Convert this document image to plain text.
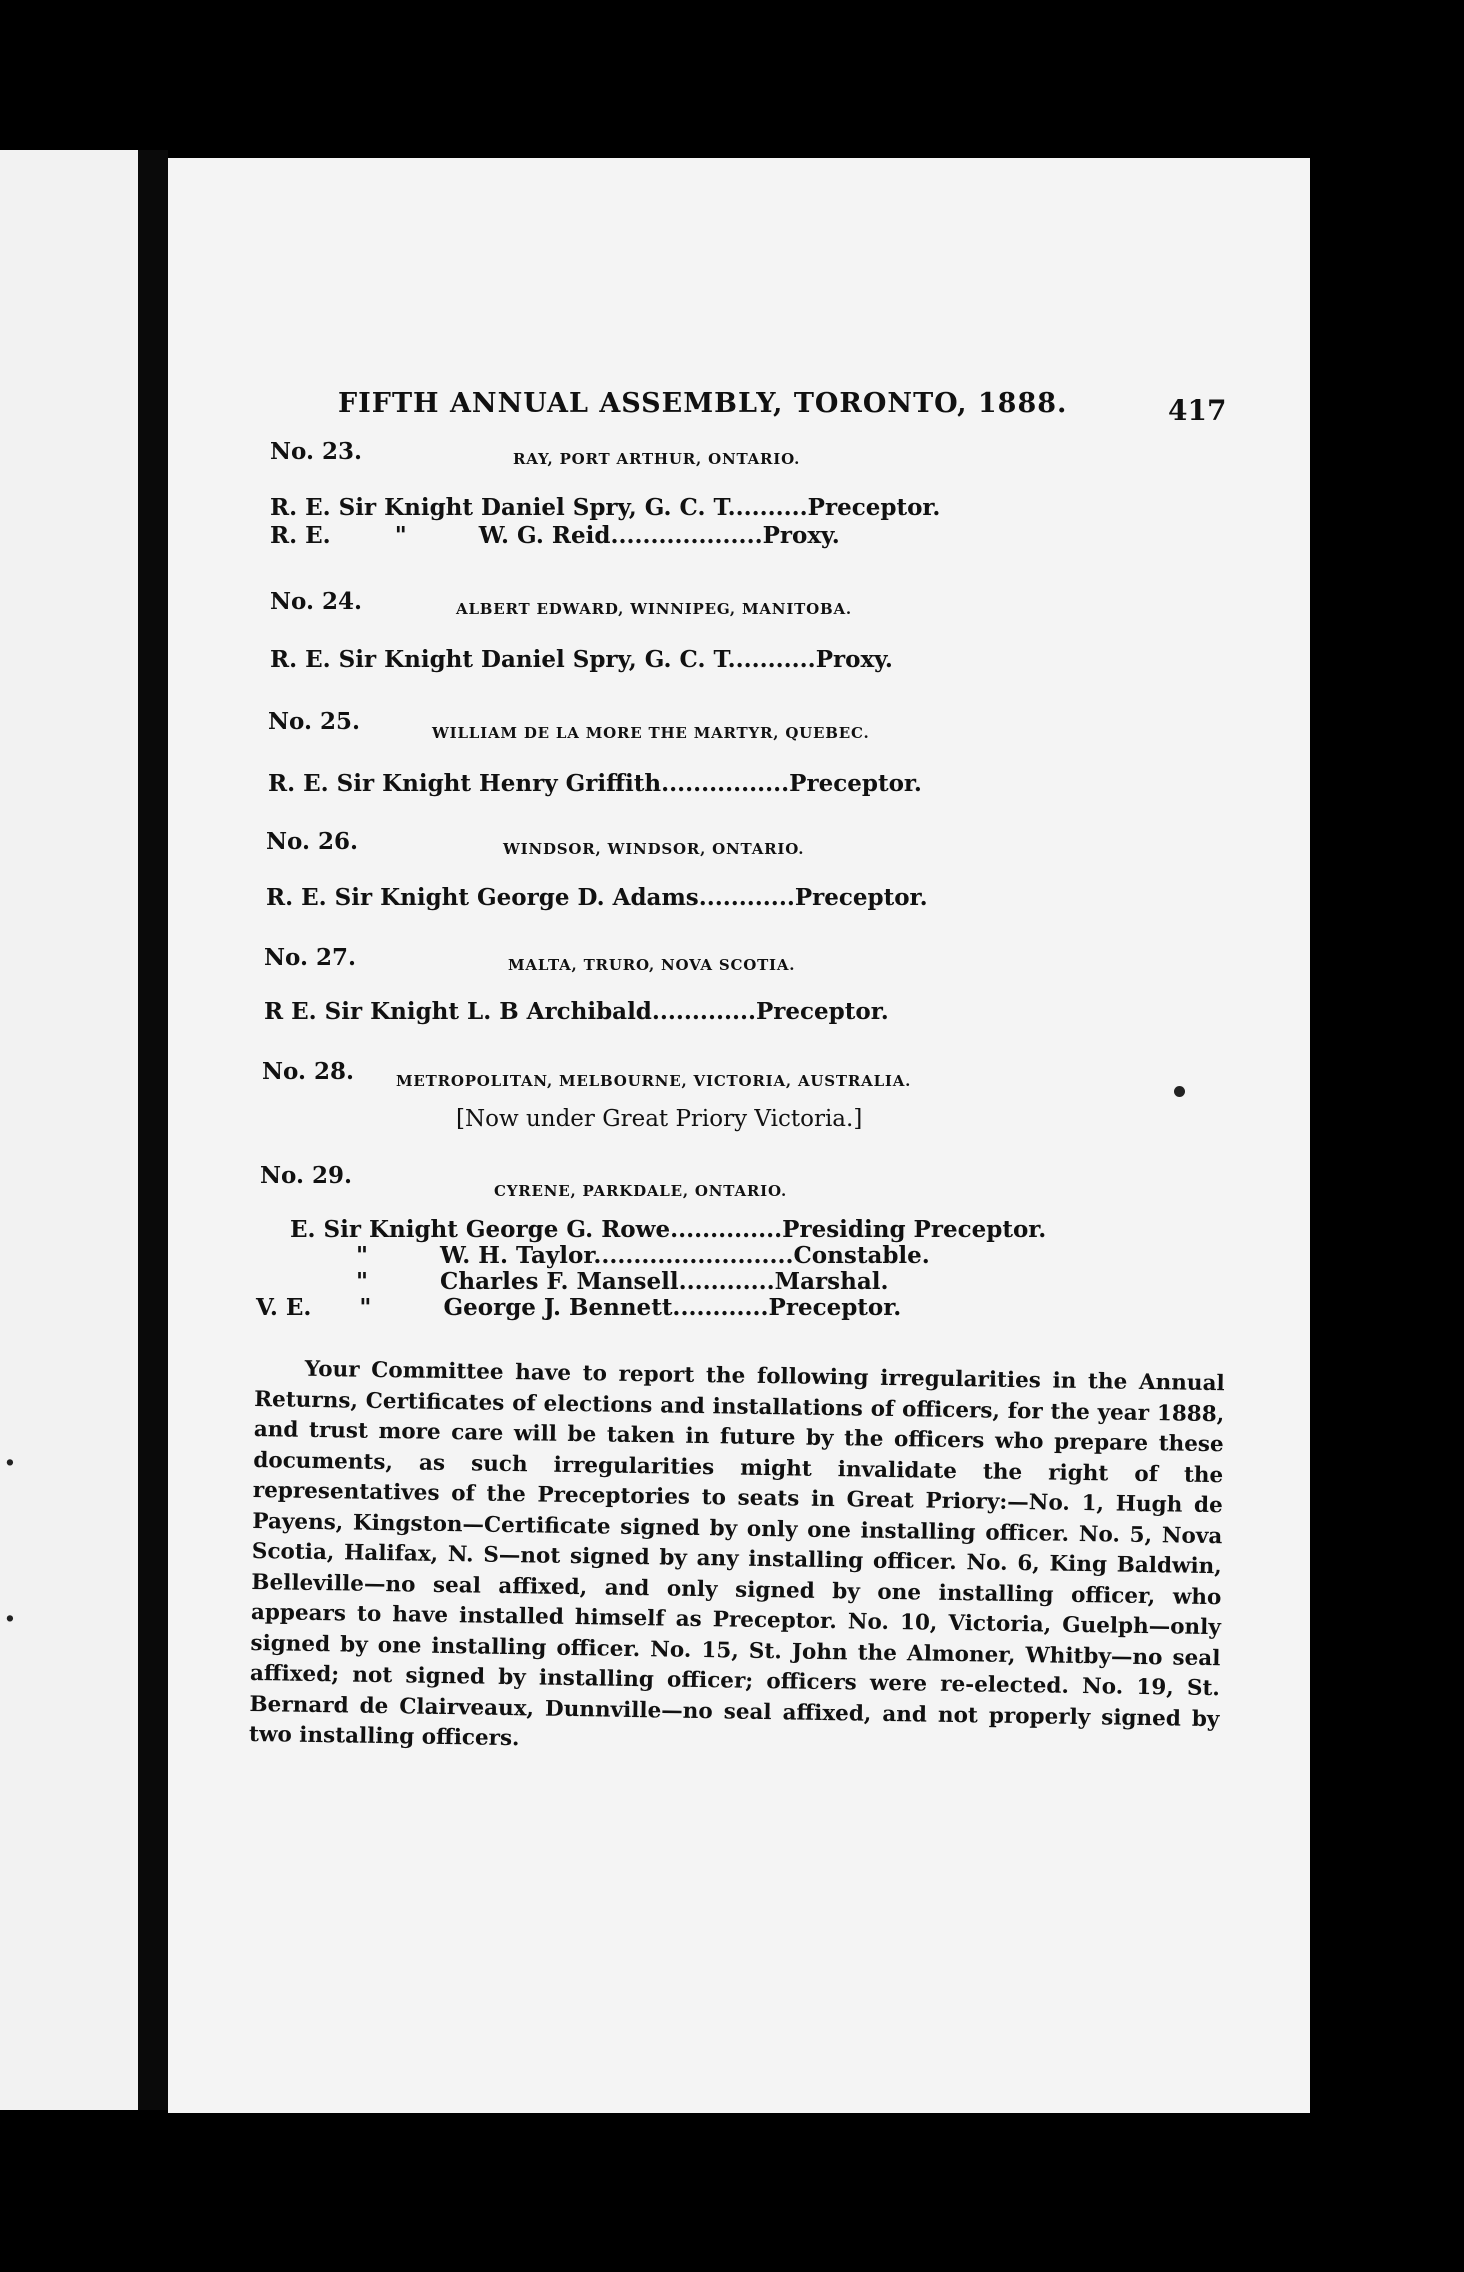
.
.
FIFTH ANNUAL ASSEMBLY, TORONTO, 1888.	417
No. 23.	RAY, PORT ARTHUR, ONTARIO.
R. E. Sir Knight Daniel Spry, G. C. T..........Preceptor.
R. E.        "         W. G. Reid...................Proxy.
No. 24.	ALBERT EDWARD, WINNIPEG, MANITOBA.
R. E. Sir Knight Daniel Spry, G. C. T...........Proxy.
No. 25.	WILLIAM DE LA MORE THE MARTYR, QUEBEC.
R. E. Sir Knight Henry Griffith................Preceptor.
No. 26.	WINDSOR, WINDSOR, ONTARIO.
R. E. Sir Knight George D. Adams............Preceptor.
No. 27.	MALTA, TRURO, NOVA SCOTIA.
R E. Sir Knight L. B Archibald.............Preceptor.
No. 28.	METROPOLITAN, MELBOURNE, VICTORIA, AUSTRALIA.
[Now under Great Priory Victoria.]
No. 29.
CYRENE, PARKDALE, ONTARIO.
E. Sir Knight George G. Rowe..............Presiding Preceptor.
"         W. H. Taylor.........................Constable.
"         Charles F. Mansell............Marshal.
V. E.      "         George J. Bennett............Preceptor.

Your Committee have to report the following irregularities in the Annual Returns, Certificates of elections and installations of officers, for the year 1888, and trust more care will be taken in future by the officers who prepare these documents, as such irregularities might invalidate the right of the representatives of the Preceptories to seats in Great Priory:—No. 1, Hugh de Payens, Kingston—Certificate signed by only one installing officer. No. 5, Nova Scotia, Halifax, N. S—not signed by any installing officer. No. 6, King Baldwin, Belleville—no seal affixed, and only signed by one installing officer, who appears to have installed himself as Preceptor. No. 10, Victoria, Guelph—only signed by one installing officer. No. 15, St. John the Almoner, Whitby—no seal affixed; not signed by installing officer; officers were re-elected. No. 19, St. Bernard de Clairveaux, Dunnville—no seal affixed, and not properly signed by two installing officers.
